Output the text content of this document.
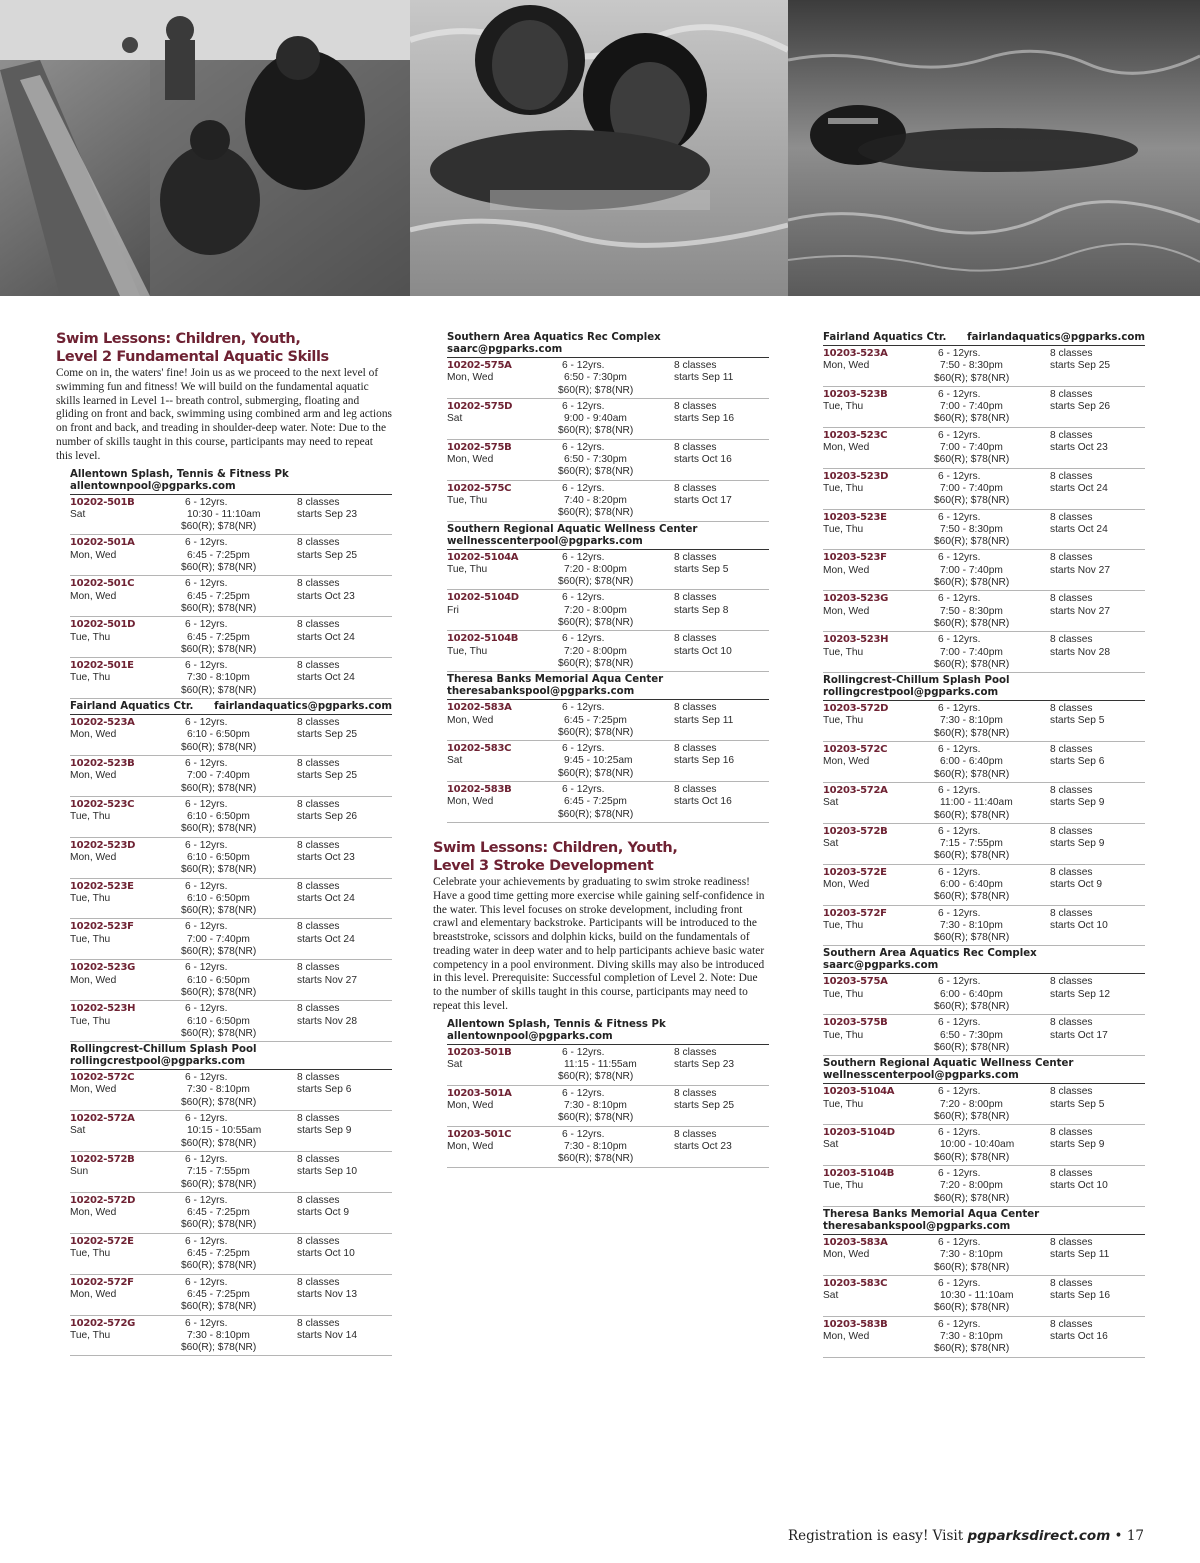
Swim Lessons: Children, Youth,
Level 2 Fundamental Aquatic Skills
Come on in, the waters' fine! Join us as we proceed to the next level of swimming fun and fitness! We will build on the fundamental aquatic skills learned in Level 1-- breath control, submerging, floating and gliding on front and back, swimming using combined arm and leg actions on front and back, and treading in shoulder-deep water. Note: Due to the number of skills taught in this course, participants may need to repeat this level.
Allentown Splash, Tennis & Fitness Pk
allentownpool@pgparks.com
10202-501B
Sat
6 - 12yrs.
10:30 - 11:10am
$60(R); $78(NR)
8 classes
starts Sep 23
10202-501A
Mon, Wed
6 - 12yrs.
6:45 - 7:25pm
$60(R); $78(NR)
8 classes
starts Sep 25
10202-501C
Mon, Wed
6 - 12yrs.
6:45 - 7:25pm
$60(R); $78(NR)
8 classes
starts Oct 23
10202-501D
Tue, Thu
6 - 12yrs.
6:45 - 7:25pm
$60(R); $78(NR)
8 classes
starts Oct 24
10202-501E
Tue, Thu
6 - 12yrs.
7:30 - 8:10pm
$60(R); $78(NR)
8 classes
starts Oct 24
Fairland Aquatics Ctr. fairlandaquatics@pgparks.com
10202-523A
Mon, Wed
6 - 12yrs.
6:10 - 6:50pm
$60(R); $78(NR)
8 classes
starts Sep 25
10202-523B
Mon, Wed
6 - 12yrs.
7:00 - 7:40pm
$60(R); $78(NR)
8 classes
starts Sep 25
10202-523C
Tue, Thu
6 - 12yrs.
6:10 - 6:50pm
$60(R); $78(NR)
8 classes
starts Sep 26
10202-523D
Mon, Wed
6 - 12yrs.
6:10 - 6:50pm
$60(R); $78(NR)
8 classes
starts Oct 23
10202-523E
Tue, Thu
6 - 12yrs.
6:10 - 6:50pm
$60(R); $78(NR)
8 classes
starts Oct 24
10202-523F
Tue, Thu
6 - 12yrs.
7:00 - 7:40pm
$60(R); $78(NR)
8 classes
starts Oct 24
10202-523G
Mon, Wed
6 - 12yrs.
6:10 - 6:50pm
$60(R); $78(NR)
8 classes
starts Nov 27
10202-523H
Tue, Thu
6 - 12yrs.
6:10 - 6:50pm
$60(R); $78(NR)
8 classes
starts Nov 28
Rollingcrest-Chillum Splash Pool
rollingcrestpool@pgparks.com
10202-572C
Mon, Wed
6 - 12yrs.
7:30 - 8:10pm
$60(R); $78(NR)
8 classes
starts Sep 6
10202-572A
Sat
6 - 12yrs.
10:15 - 10:55am
$60(R); $78(NR)
8 classes
starts Sep 9
10202-572B
Sun
6 - 12yrs.
7:15 - 7:55pm
$60(R); $78(NR)
8 classes
starts Sep 10
10202-572D
Mon, Wed
6 - 12yrs.
6:45 - 7:25pm
$60(R); $78(NR)
8 classes
starts Oct 9
10202-572E
Tue, Thu
6 - 12yrs.
6:45 - 7:25pm
$60(R); $78(NR)
8 classes
starts Oct 10
10202-572F
Mon, Wed
6 - 12yrs.
6:45 - 7:25pm
$60(R); $78(NR)
8 classes
starts Nov 13
10202-572G
Tue, Thu
6 - 12yrs.
7:30 - 8:10pm
$60(R); $78(NR)
8 classes
starts Nov 14
Southern Area Aquatics Rec Complex
saarc@pgparks.com
10202-575A
Mon, Wed
6 - 12yrs.
6:50 - 7:30pm
$60(R); $78(NR)
8 classes
starts Sep 11
10202-575D
Sat
6 - 12yrs.
9:00 - 9:40am
$60(R); $78(NR)
8 classes
starts Sep 16
10202-575B
Mon, Wed
6 - 12yrs.
6:50 - 7:30pm
$60(R); $78(NR)
8 classes
starts Oct 16
10202-575C
Tue, Thu
6 - 12yrs.
7:40 - 8:20pm
$60(R); $78(NR)
8 classes
starts Oct 17
Southern Regional Aquatic Wellness Center
wellnesscenterpool@pgparks.com
10202-5104A
Tue, Thu
6 - 12yrs.
7:20 - 8:00pm
$60(R); $78(NR)
8 classes
starts Sep 5
10202-5104D
Fri
6 - 12yrs.
7:20 - 8:00pm
$60(R); $78(NR)
8 classes
starts Sep 8
10202-5104B
Tue, Thu
6 - 12yrs.
7:20 - 8:00pm
$60(R); $78(NR)
8 classes
starts Oct 10
Theresa Banks Memorial Aqua Center
theresabankspool@pgparks.com
10202-583A
Mon, Wed
6 - 12yrs.
6:45 - 7:25pm
$60(R); $78(NR)
8 classes
starts Sep 11
10202-583C
Sat
6 - 12yrs.
9:45 - 10:25am
$60(R); $78(NR)
8 classes
starts Sep 16
10202-583B
Mon, Wed
6 - 12yrs.
6:45 - 7:25pm
$60(R); $78(NR)
8 classes
starts Oct 16
Swim Lessons: Children, Youth,
Level 3 Stroke Development
Celebrate your achievements by graduating to swim stroke readiness! Have a good time getting more exercise while gaining self-confidence in the water. This level focuses on stroke development, including front crawl and elementary backstroke. Participants will be introduced to the breaststroke, scissors and dolphin kicks, build on the fundamentals of treading water in deep water and to help participants achieve basic water competency in a pool environment. Diving skills may also be introduced in this level. Prerequisite: Successful completion of Level 2. Note: Due to the number of skills taught in this course, participants may need to repeat this level.
Allentown Splash, Tennis & Fitness Pk
allentownpool@pgparks.com
10203-501B
Sat
6 - 12yrs.
11:15 - 11:55am
$60(R); $78(NR)
8 classes
starts Sep 23
10203-501A
Mon, Wed
6 - 12yrs.
7:30 - 8:10pm
$60(R); $78(NR)
8 classes
starts Sep 25
10203-501C
Mon, Wed
6 - 12yrs.
7:30 - 8:10pm
$60(R); $78(NR)
8 classes
starts Oct 23
Fairland Aquatics Ctr. fairlandaquatics@pgparks.com
10203-523A
Mon, Wed
6 - 12yrs.
7:50 - 8:30pm
$60(R); $78(NR)
8 classes
starts Sep 25
10203-523B
Tue, Thu
6 - 12yrs.
7:00 - 7:40pm
$60(R); $78(NR)
8 classes
starts Sep 26
10203-523C
Mon, Wed
6 - 12yrs.
7:00 - 7:40pm
$60(R); $78(NR)
8 classes
starts Oct 23
10203-523D
Tue, Thu
6 - 12yrs.
7:00 - 7:40pm
$60(R); $78(NR)
8 classes
starts Oct 24
10203-523E
Tue, Thu
6 - 12yrs.
7:50 - 8:30pm
$60(R); $78(NR)
8 classes
starts Oct 24
10203-523F
Mon, Wed
6 - 12yrs.
7:00 - 7:40pm
$60(R); $78(NR)
8 classes
starts Nov 27
10203-523G
Mon, Wed
6 - 12yrs.
7:50 - 8:30pm
$60(R); $78(NR)
8 classes
starts Nov 27
10203-523H
Tue, Thu
6 - 12yrs.
7:00 - 7:40pm
$60(R); $78(NR)
8 classes
starts Nov 28
Rollingcrest-Chillum Splash Pool
rollingcrestpool@pgparks.com
10203-572D
Tue, Thu
6 - 12yrs.
7:30 - 8:10pm
$60(R); $78(NR)
8 classes
starts Sep 5
10203-572C
Mon, Wed
6 - 12yrs.
6:00 - 6:40pm
$60(R); $78(NR)
8 classes
starts Sep 6
10203-572A
Sat
6 - 12yrs.
11:00 - 11:40am
$60(R); $78(NR)
8 classes
starts Sep 9
10203-572B
Sat
6 - 12yrs.
7:15 - 7:55pm
$60(R); $78(NR)
8 classes
starts Sep 9
10203-572E
Mon, Wed
6 - 12yrs.
6:00 - 6:40pm
$60(R); $78(NR)
8 classes
starts Oct 9
10203-572F
Tue, Thu
6 - 12yrs.
7:30 - 8:10pm
$60(R); $78(NR)
8 classes
starts Oct 10
Southern Area Aquatics Rec Complex
saarc@pgparks.com
10203-575A
Tue, Thu
6 - 12yrs.
6:00 - 6:40pm
$60(R); $78(NR)
8 classes
starts Sep 12
10203-575B
Tue, Thu
6 - 12yrs.
6:50 - 7:30pm
$60(R); $78(NR)
8 classes
starts Oct 17
Southern Regional Aquatic Wellness Center
wellnesscenterpool@pgparks.com
10203-5104A
Tue, Thu
6 - 12yrs.
7:20 - 8:00pm
$60(R); $78(NR)
8 classes
starts Sep 5
10203-5104D
Sat
6 - 12yrs.
10:00 - 10:40am
$60(R); $78(NR)
8 classes
starts Sep 9
10203-5104B
Tue, Thu
6 - 12yrs.
7:20 - 8:00pm
$60(R); $78(NR)
8 classes
starts Oct 10
Theresa Banks Memorial Aqua Center
theresabankspool@pgparks.com
10203-583A
Mon, Wed
6 - 12yrs.
7:30 - 8:10pm
$60(R); $78(NR)
8 classes
starts Sep 11
10203-583C
Sat
6 - 12yrs.
10:30 - 11:10am
$60(R); $78(NR)
8 classes
starts Sep 16
10203-583B
Mon, Wed
6 - 12yrs.
7:30 - 8:10pm
$60(R); $78(NR)
8 classes
starts Oct 16
Registration is easy! Visit pgparksdirect.com • 17
